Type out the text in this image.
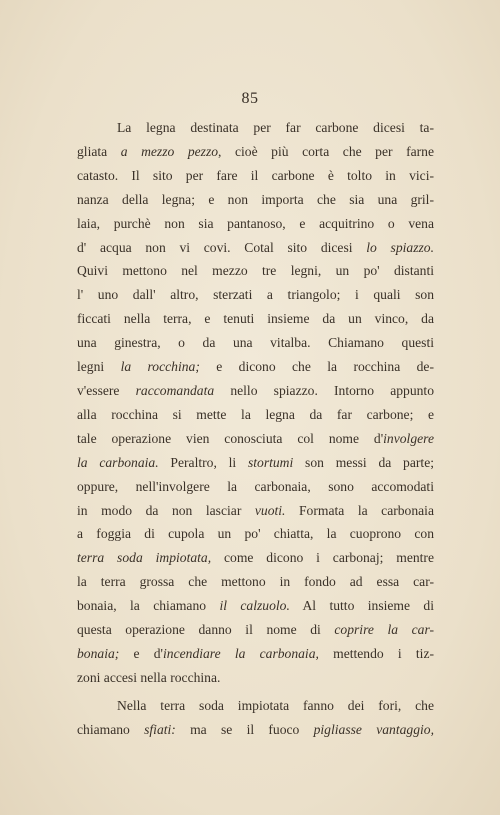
85
La legna destinata per far carbone dicesi ta-
gliata a mezzo pezzo, cioè più corta che per farne
catasto. Il sito per fare il carbone è tolto in vici-
nanza della legna; e non importa che sia una gril-
laia, purchè non sia pantanoso, e acquitrino o vena
d' acqua non vi covi. Cotal sito dicesi lo spiazzo.
Quivi mettono nel mezzo tre legni, un po' distanti
l' uno dall' altro, sterzati a triangolo; i quali son
ficcati nella terra, e tenuti insieme da un vinco, da
una ginestra, o da una vitalba. Chiamano questi
legni la rocchina; e dicono che la rocchina de-
v'essere raccomandata nello spiazzo. Intorno appunto
alla rocchina si mette la legna da far carbone; e
tale operazione vien conosciuta col nome d'involgere
la carbonaia. Peraltro, li stortumi son messi da parte;
oppure, nell'involgere la carbonaia, sono accomodati
in modo da non lasciar vuoti. Formata la carbonaia
a foggia di cupola un po' chiatta, la cuoprono con
terra soda impiotata, come dicono i carbonaj; mentre
la terra grossa che mettono in fondo ad essa car-
bonaia, la chiamano il calzuolo. Al tutto insieme di
questa operazione danno il nome di coprire la car-
bonaia; e d'incendiare la carbonaia, mettendo i tiz-
zoni accesi nella rocchina.
Nella terra soda impiotata fanno dei fori, che
chiamano sfiati: ma se il fuoco pigliasse vantaggio,
